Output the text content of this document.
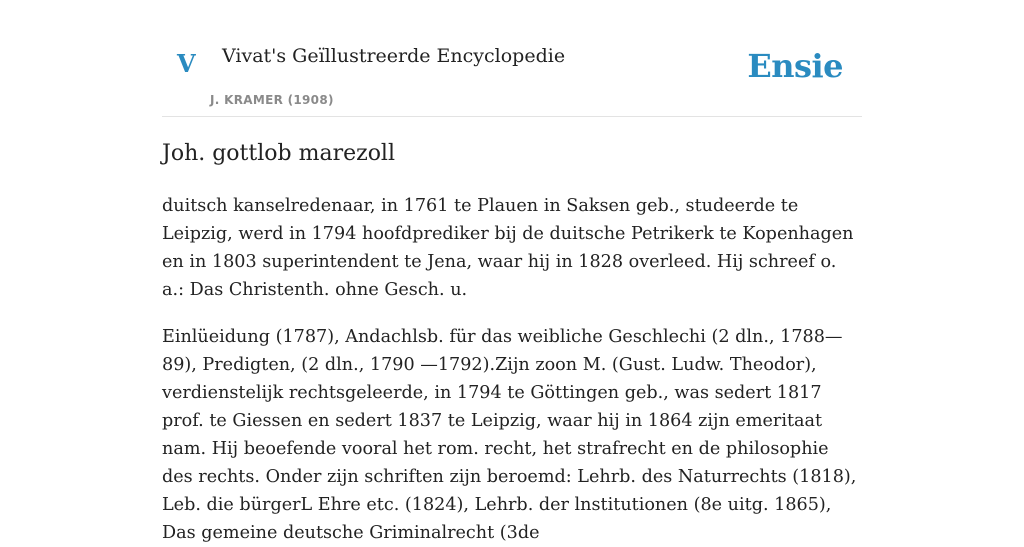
V Vivat's Geïllustreerde Encyclopedie
J. KRAMER (1908)
Ensie
Joh. gottlob marezoll

duitsch kanselredenaar, in 1761 te Plauen in Saksen geb., studeerde te Leipzig, werd in 1794 hoofdprediker bij de duitsche Petrikerk te Kopenhagen en in 1803 superintendent te Jena, waar hij in 1828 overleed. Hij schreef o. a.: Das Christenth. ohne Gesch. u.

Einlüeidung (1787), Andachlsb. für das weibliche Geschlechi (2 dln., 1788—89), Predigten, (2 dln., 1790 —1792).Zijn zoon M. (Gust. Ludw. Theodor), verdienstelijk rechtsgeleerde, in 1794 te Göttingen geb., was sedert 1817 prof. te Giessen en sedert 1837 te Leipzig, waar hij in 1864 zijn emeritaat nam. Hij beoefende vooral het rom. recht, het strafrecht en de philosophie des rechts. Onder zijn schriften zijn beroemd: Lehrb. des Naturrechts (1818), Leb. die bürgerL Ehre etc. (1824), Lehrb. der lnstitutionen (8e uitg. 1865), Das gemeine deutsche Griminalrecht (3de
